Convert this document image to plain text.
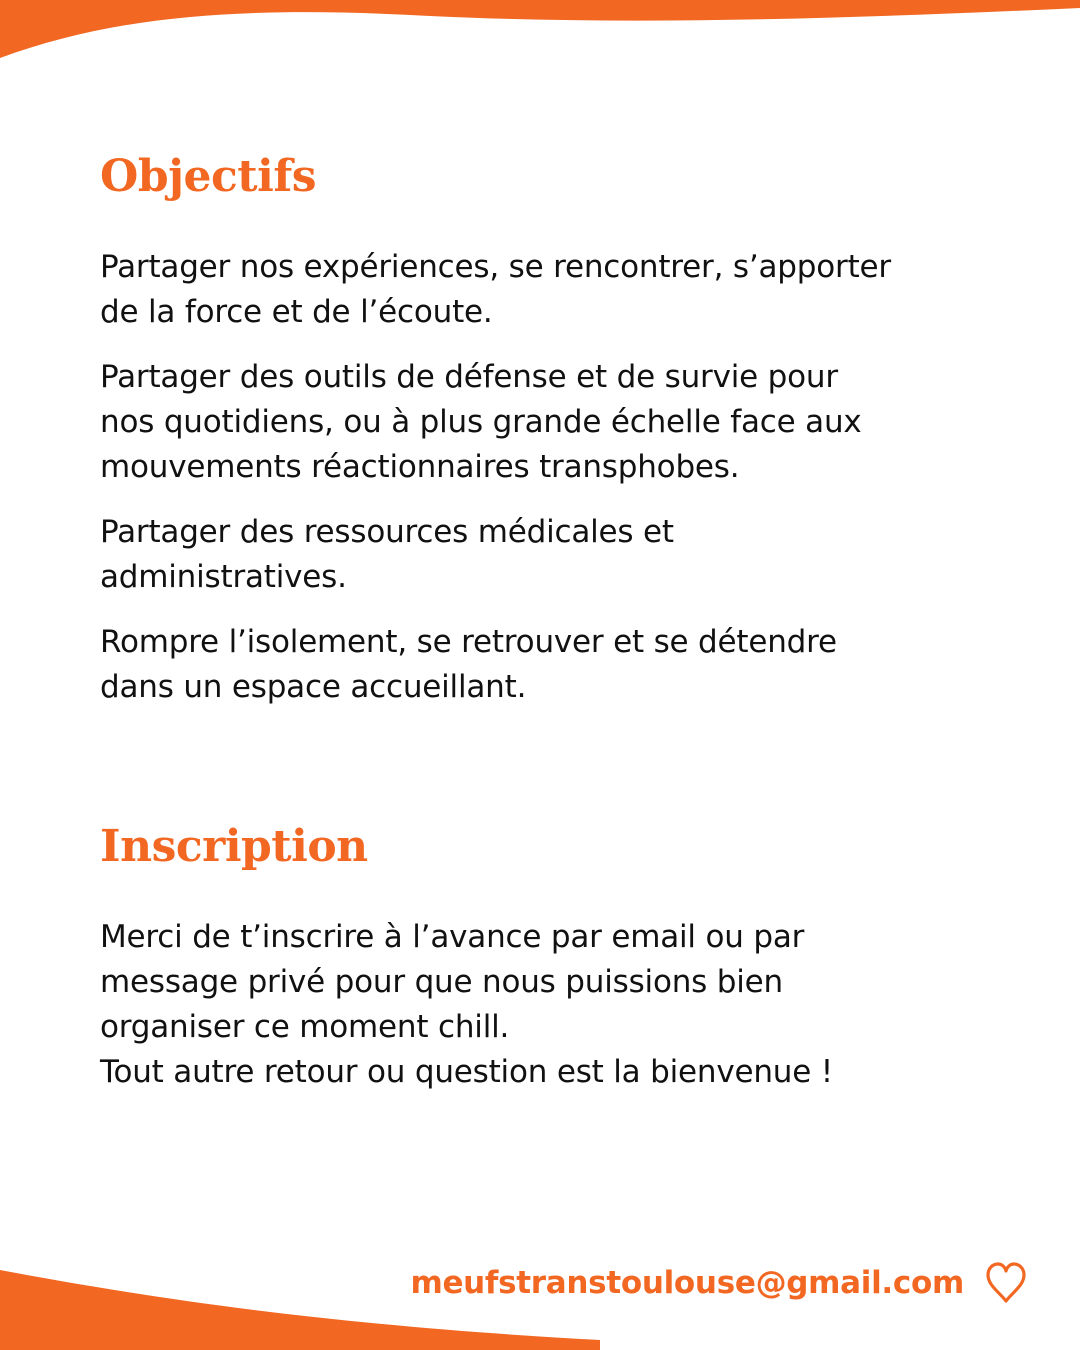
Objectifs

Partager nos expériences, se rencontrer, s’apporter
de la force et de l’écoute.

Partager des outils de défense et de survie pour
nos quotidiens, ou à plus grande échelle face aux
mouvements réactionnaires transphobes.

Partager des ressources médicales et
administratives.

Rompre l’isolement, se retrouver et se détendre
dans un espace accueillant.

Inscription

Merci de t’inscrire à l’avance par email ou par
message privé pour que nous puissions bien
organiser ce moment chill.
Tout autre retour ou question est la bienvenue !

meufstranstoulouse@gmail.com
